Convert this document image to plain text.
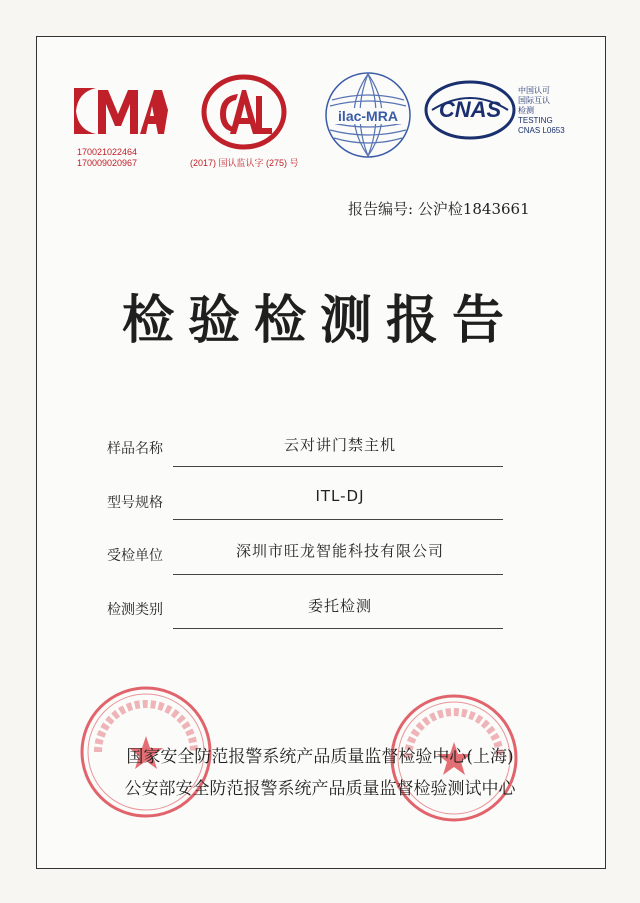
170021022464
170009020967	(2017) 国认监认字 (275) 号
ilac-MRA CNAS
中国认可
国际互认
检测
TESTING
CNAS L0653
报告编号: 公沪检1843661
检验检测报告
样品名称	云对讲门禁主机
型号规格	ITL-DJ
受检单位	深圳市旺龙智能科技有限公司
检测类别	委托检测
国家安全防范报警系统产品质量监督检验中心(上海)
公安部安全防范报警系统产品质量监督检验测试中心
